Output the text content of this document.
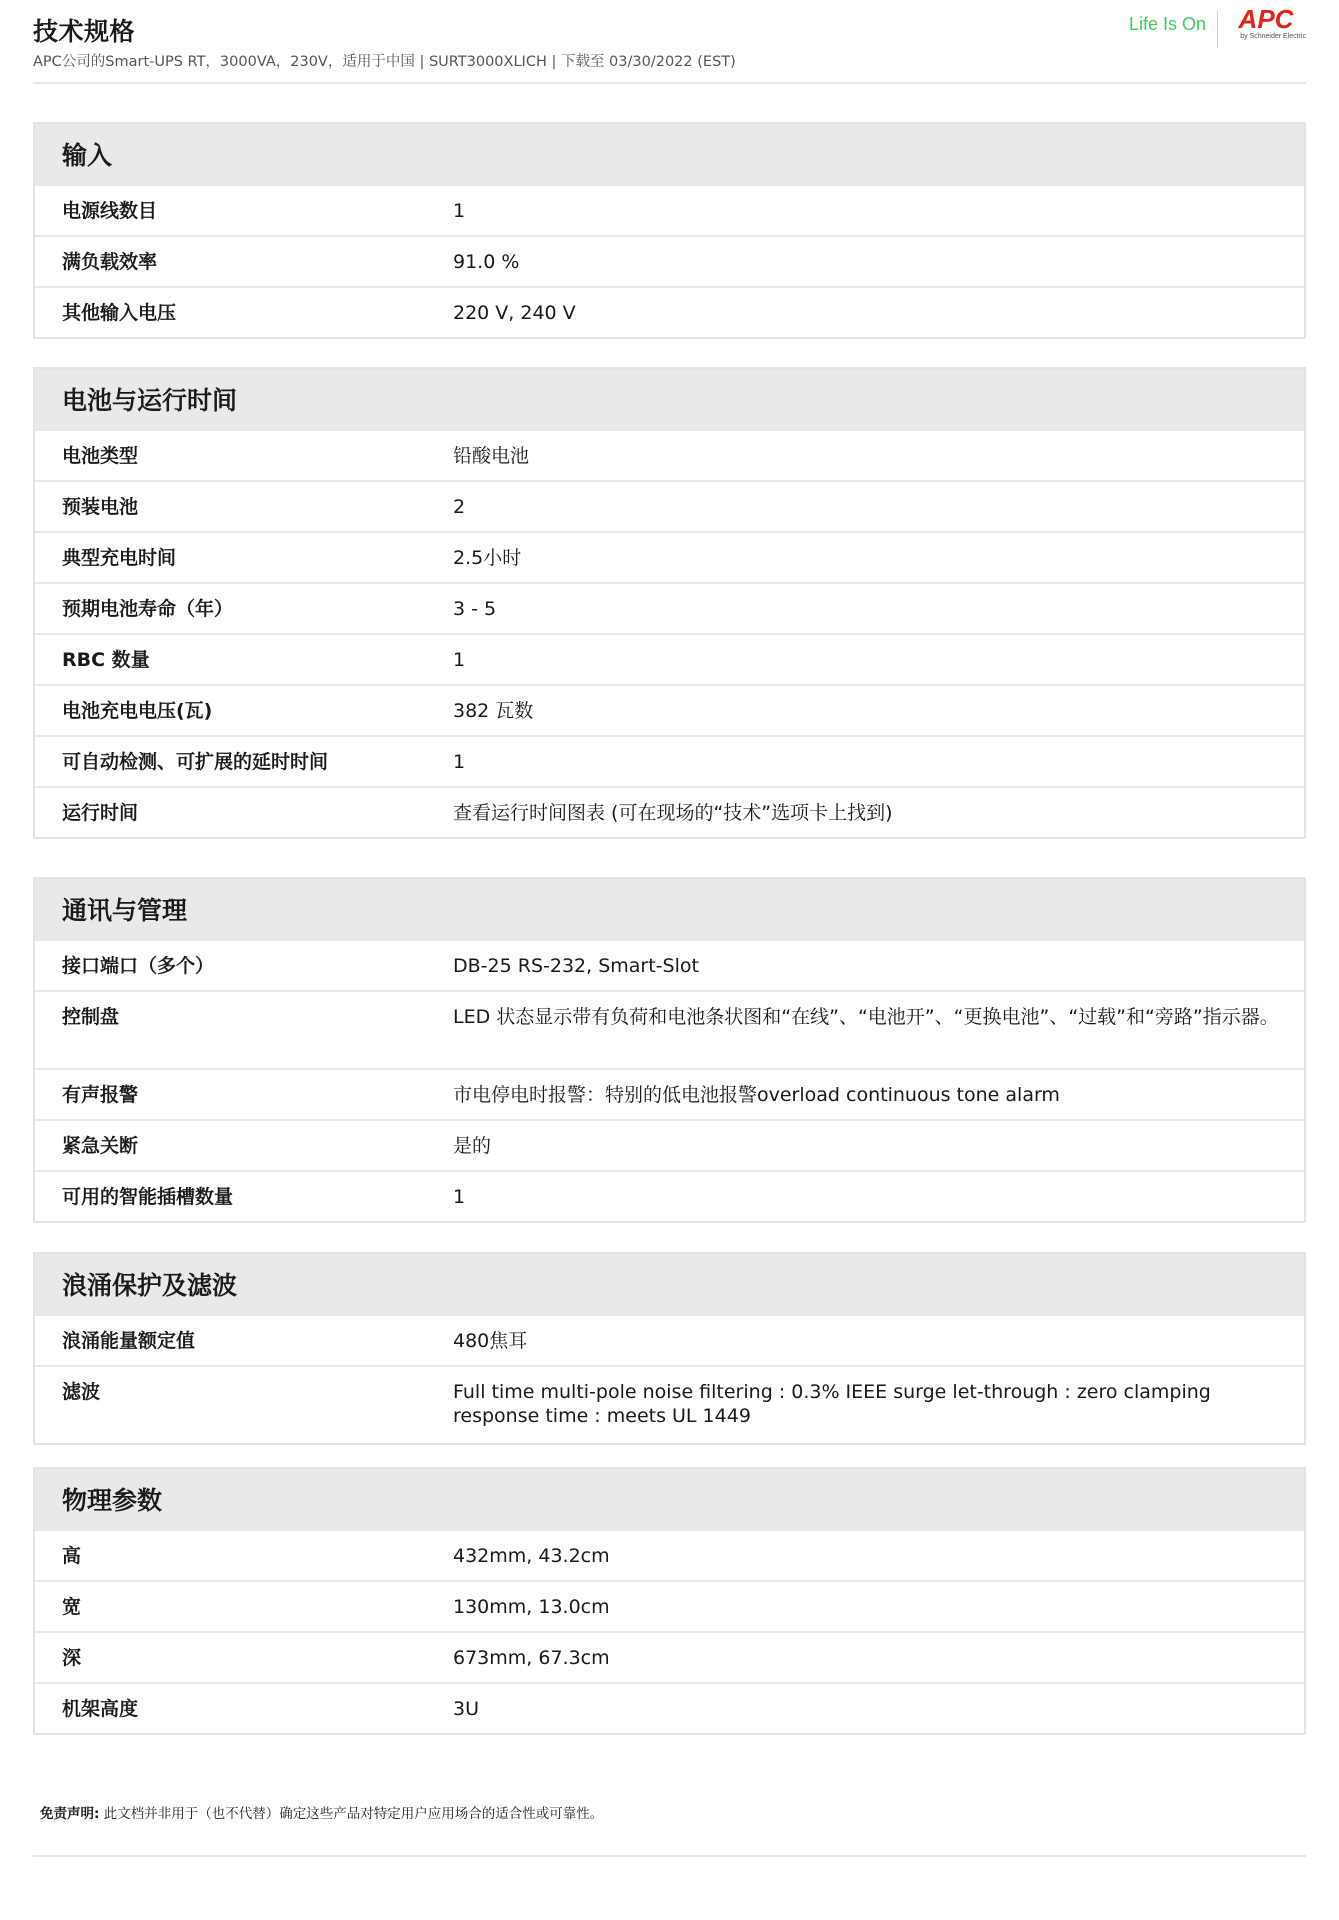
技术规格
APC公司的Smart-UPS RT，3000VA，230V，适用于中国 | SURT3000XLICH | 下载至 03/30/2022 (EST)
Life Is On APC
by Schneider Electric
输入
电源线数目	1
满负载效率	91.0 %
其他输入电压	220 V, 240 V
电池与运行时间
电池类型	铅酸电池
预装电池	2
典型充电时间	2.5小时
预期电池寿命（年）	3 - 5
RBC 数量	1
电池充电电压(瓦)	382 瓦数
可自动检测、可扩展的延时时间	1
运行时间	查看运行时间图表 (可在现场的“技术”选项卡上找到)
通讯与管理
接口端口（多个）	DB-25 RS-232, Smart-Slot
控制盘	LED 状态显示带有负荷和电池条状图和“在线”、“电池开”、“更换电池”、“过载”和“旁路”指示器。
有声报警	市电停电时报警：特别的低电池报警overload continuous tone alarm
紧急关断	是的
可用的智能插槽数量	1
浪涌保护及滤波
浪涌能量额定值	480焦耳
滤波	Full time multi-pole noise filtering : 0.3% IEEE surge let-through : zero clamping response time : meets UL 1449
物理参数
高	432mm, 43.2cm
宽	130mm, 13.0cm
深	673mm, 67.3cm
机架高度	3U
免责声明: 此文档并非用于（也不代替）确定这些产品对特定用户应用场合的适合性或可靠性。
